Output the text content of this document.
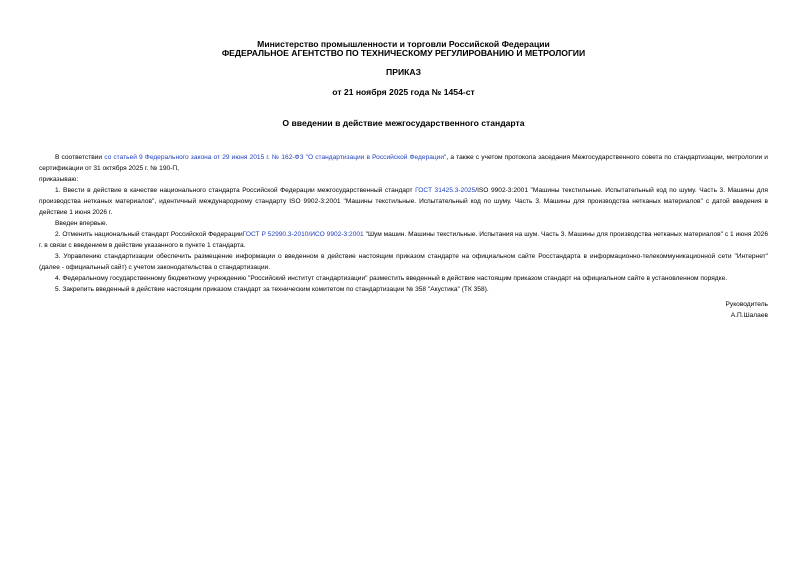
Министерство промышленности и торговли Российской Федерации
ФЕДЕРАЛЬНОЕ АГЕНТСТВО ПО ТЕХНИЧЕСКОМУ РЕГУЛИРОВАНИЮ И МЕТРОЛОГИИ
ПРИКАЗ
от 21 ноября 2025 года № 1454-ст
О введении в действие межгосударственного стандарта

В соответствии со статьей 9 Федерального закона от 29 июня 2015 г. № 162-ФЗ "О стандартизации в Российской Федерации", а также с учетом протокола заседания Межгосударственного совета по стандартизации, метрологии и сертификации от 31 октября 2025 г. № 190-П,

приказываю:

1. Ввести в действие в качестве национального стандарта Российской Федерации межгосударственный стандарт ГОСТ 31425.3-2025/ISO 9902-3:2001 "Машины текстильные. Испытательный код по шуму. Часть 3. Машины для производства нетканых материалов", идентичный международному стандарту ISO 9902-3:2001 "Машины текстильные. Испытательный код по шуму. Часть 3. Машины для производства нетканых материалов" с датой введения в действие 1 июня 2026 г.

Введен впервые.

2. Отменить национальный стандарт Российской ФедерацииГОСТ Р 52990.3-2010/ИСО 9902-3:2001 "Шум машин. Машины текстильные. Испытания на шум. Часть 3. Машины для производства нетканых материалов" с 1 июня 2026 г. в связи с введением в действие указанного в пункте 1 стандарта.

3. Управлению стандартизации обеспечить размещение информации о введенном в действие настоящим приказом стандарте на официальном сайте Росстандарта в информационно-телекоммуникационной сети "Интернет" (далее - официальный сайт) с учетом законодательства о стандартизации.

4. Федеральному государственному бюджетному учреждению "Российский институт стандартизации" разместить введенный в действие настоящим приказом стандарт на официальном сайте в установленном порядке.

5. Закрепить введенный в действие настоящим приказом стандарт за техническим комитетом по стандартизации № 358 "Акустика" (ТК 358).

Руководитель
А.П.Шалаев
